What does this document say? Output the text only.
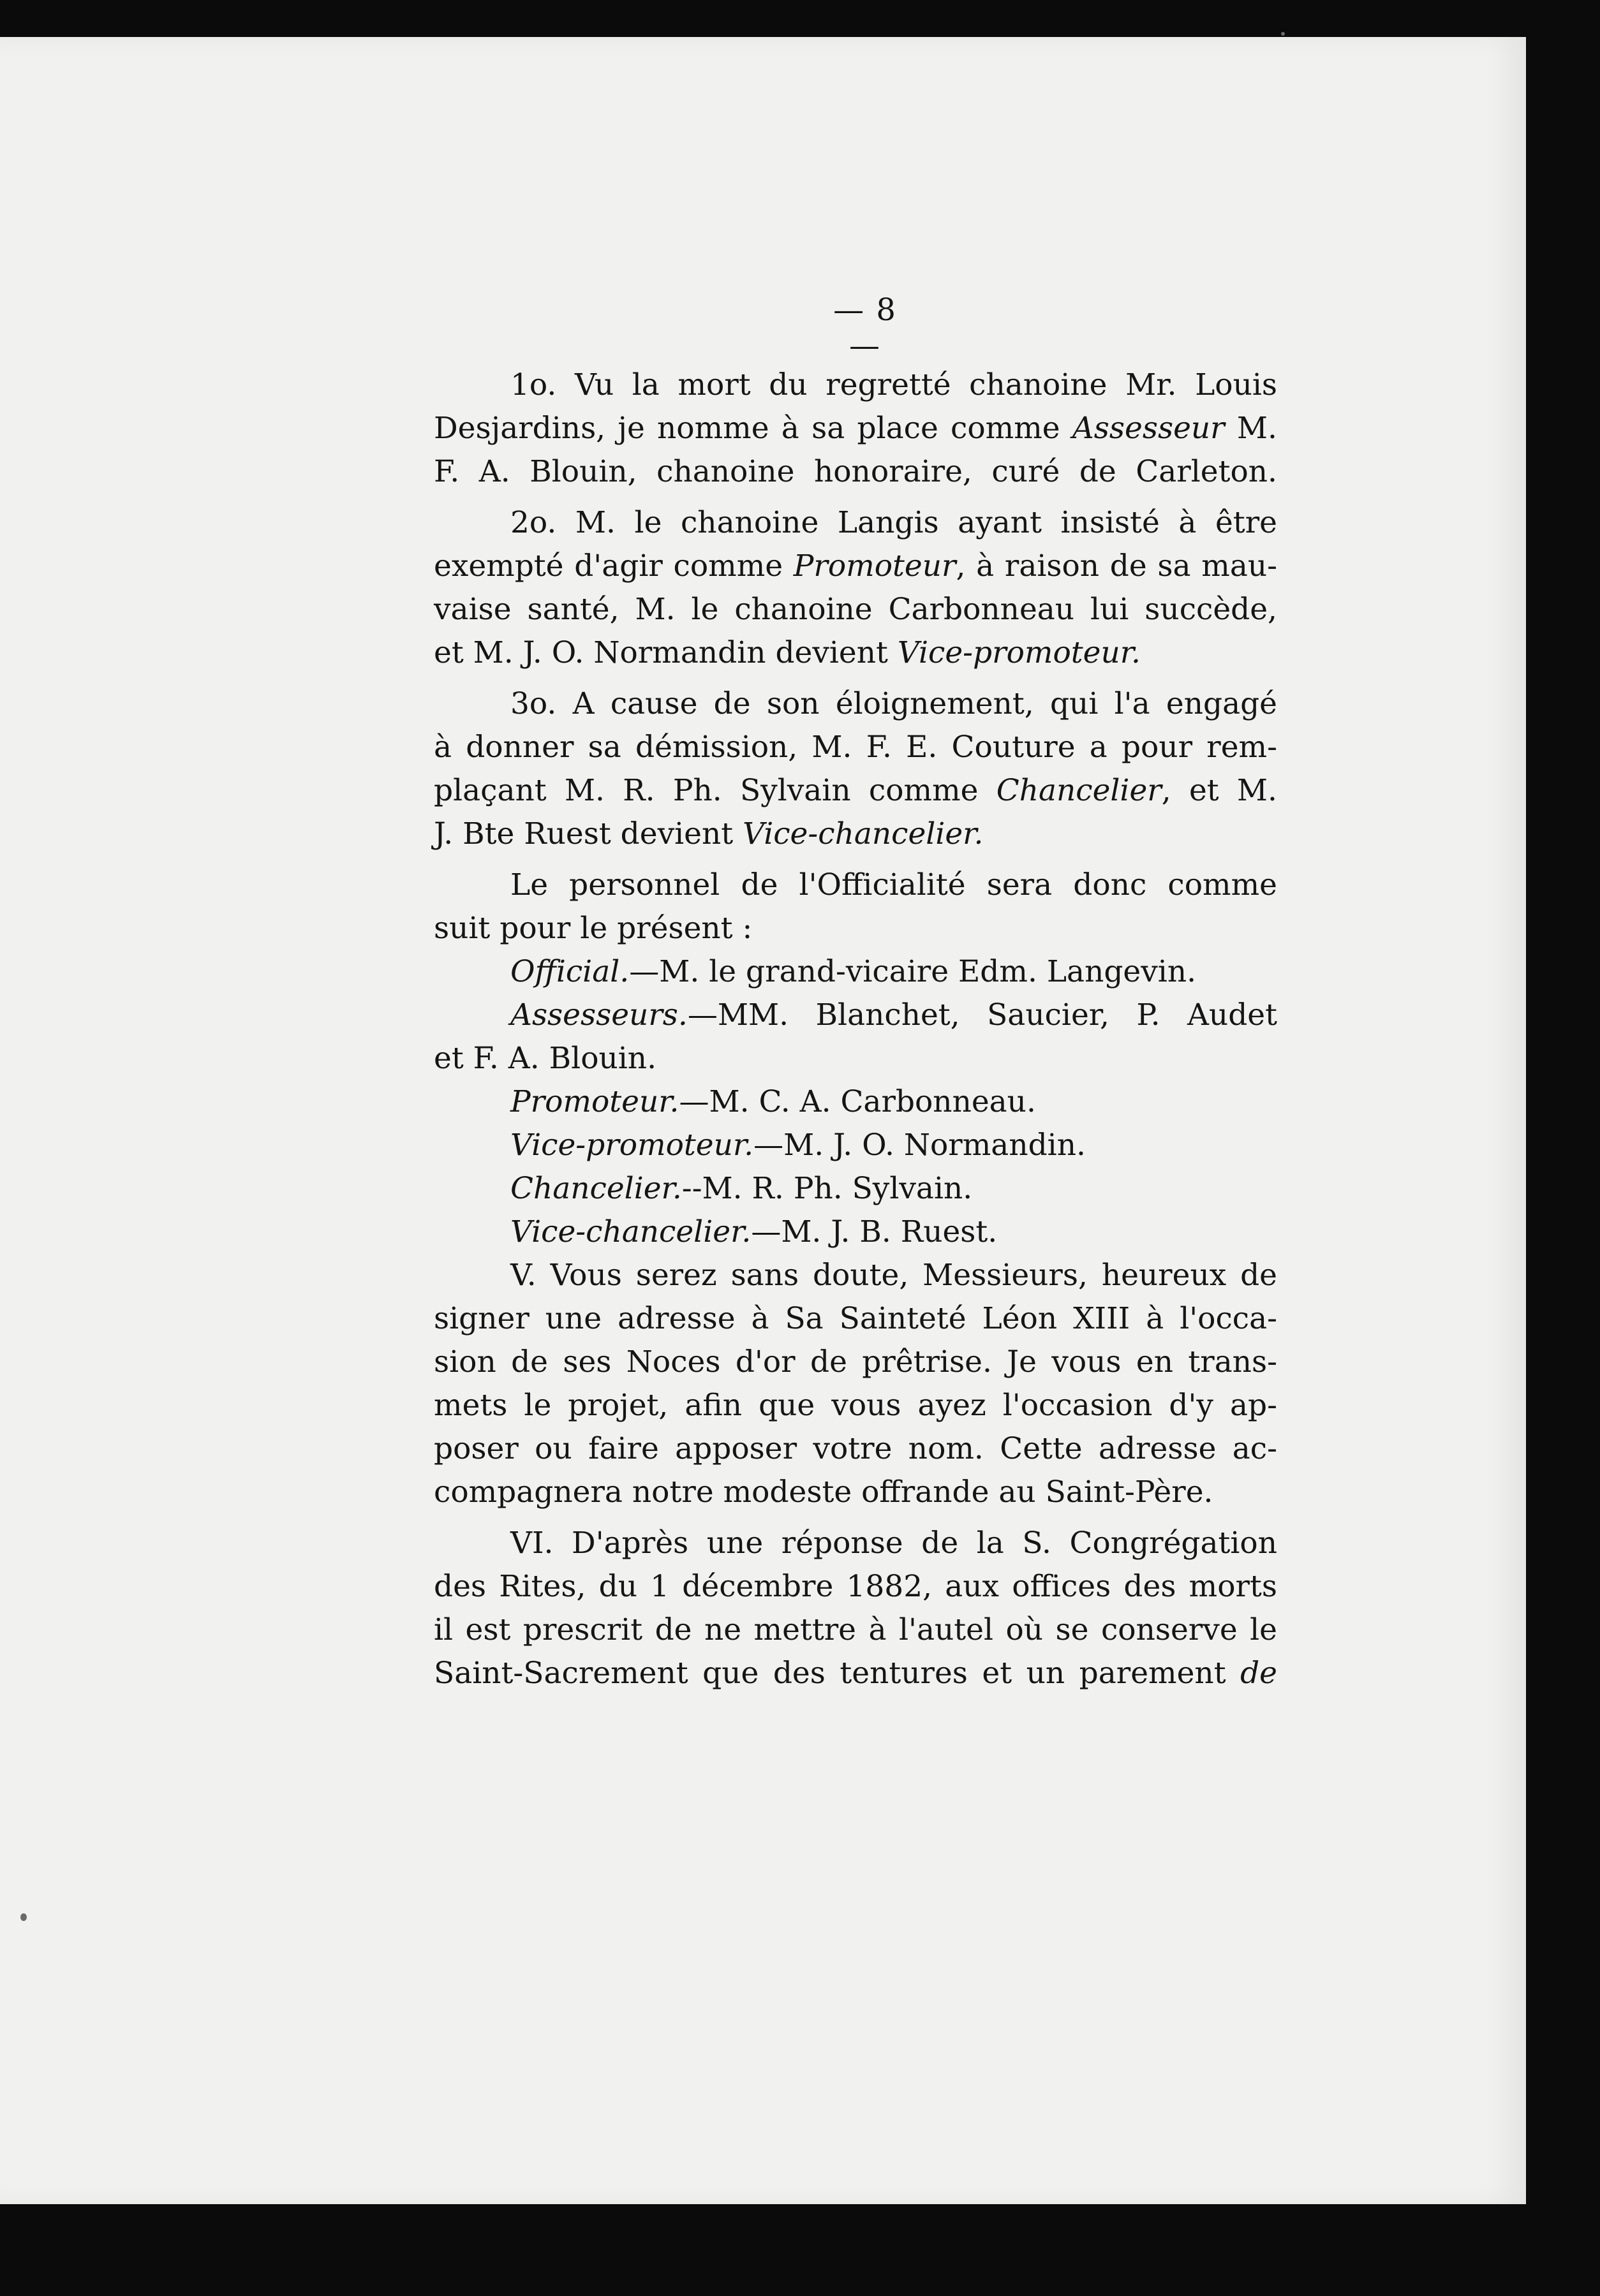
— 8 —
1o. Vu la mort du regretté chanoine Mr. Louis
Desjardins, je nomme à sa place comme Assesseur M.
F. A. Blouin, chanoine honoraire, curé de Carleton.
2o. M. le chanoine Langis ayant insisté à être
exempté d'agir comme Promoteur, à raison de sa mau-
vaise santé, M. le chanoine Carbonneau lui succède,
et M. J. O. Normandin devient Vice-promoteur.
3o. A cause de son éloignement, qui l'a engagé
à donner sa démission, M. F. E. Couture a pour rem-
plaçant M. R. Ph. Sylvain comme Chancelier, et M.
J. Bte Ruest devient Vice-chancelier.
Le personnel de l'Officialité sera donc comme
suit pour le présent :
Official.—M. le grand-vicaire Edm. Langevin.
Assesseurs.—MM. Blanchet, Saucier, P. Audet
et F. A. Blouin.
Promoteur.—M. C. A. Carbonneau.
Vice-promoteur.—M. J. O. Normandin.
Chancelier.--M. R. Ph. Sylvain.
Vice-chancelier.—M. J. B. Ruest.
V. Vous serez sans doute, Messieurs, heureux de
signer une adresse à Sa Sainteté Léon XIII à l'occa-
sion de ses Noces d'or de prêtrise. Je vous en trans-
mets le projet, afin que vous ayez l'occasion d'y ap-
poser ou faire apposer votre nom. Cette adresse ac-
compagnera notre modeste offrande au Saint-Père.
VI. D'après une réponse de la S. Congrégation
des Rites, du 1 décembre 1882, aux offices des morts
il est prescrit de ne mettre à l'autel où se conserve le
Saint-Sacrement que des tentures et un parement de
